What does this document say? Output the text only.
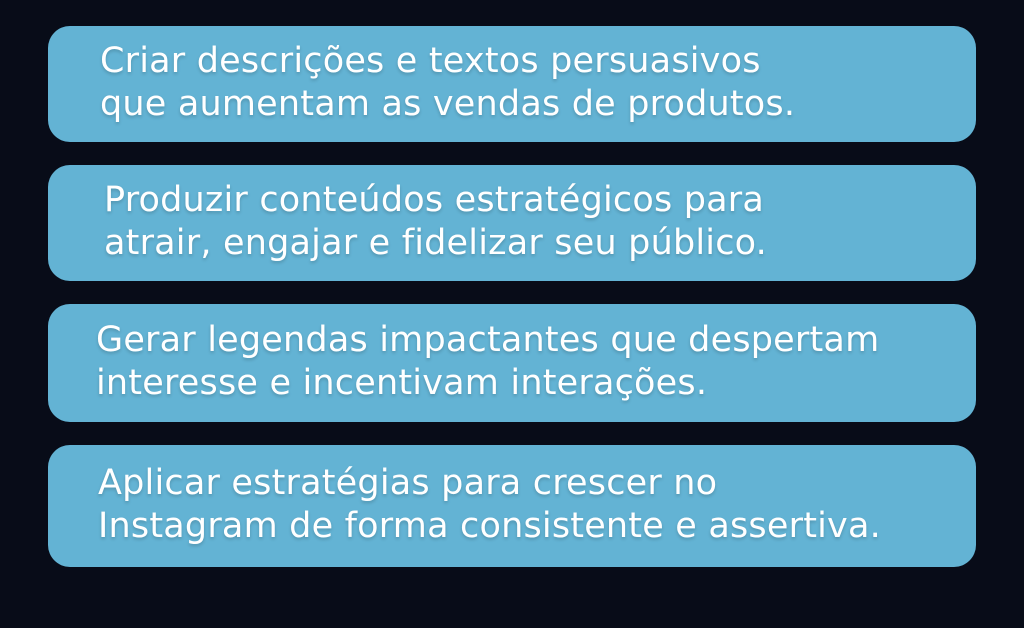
Criar descrições e textos persuasivos
que aumentam as vendas de produtos.
Produzir conteúdos estratégicos para
atrair, engajar e fidelizar seu público.
Gerar legendas impactantes que despertam
interesse e incentivam interações.
Aplicar estratégias para crescer no
Instagram de forma consistente e assertiva.
